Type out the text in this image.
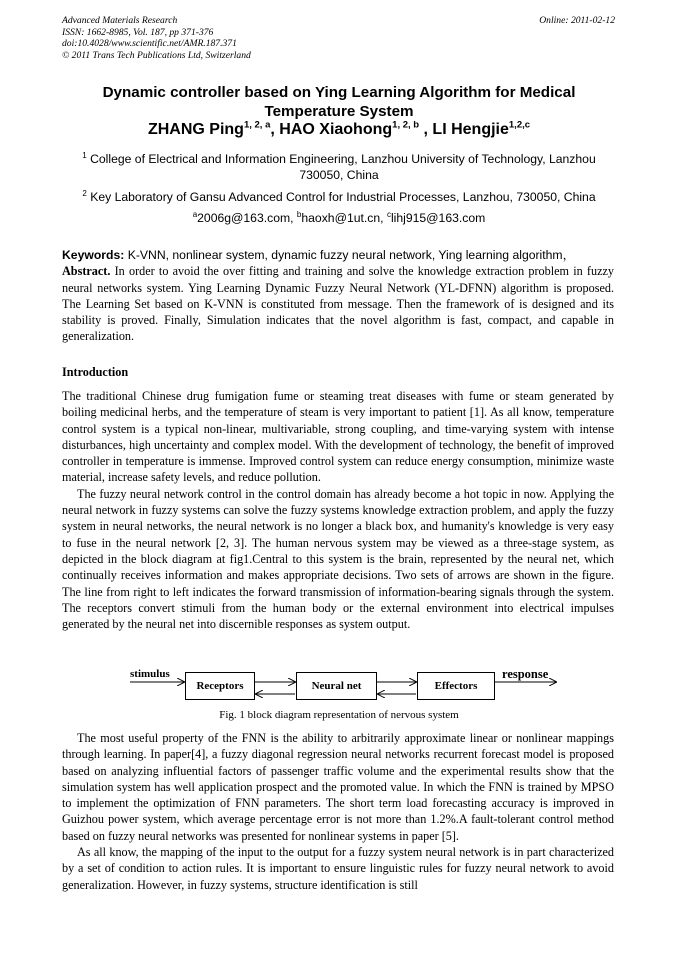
Advanced Materials Research
ISSN: 1662-8985, Vol. 187, pp 371-376
doi:10.4028/www.scientific.net/AMR.187.371
© 2011 Trans Tech Publications Ltd, Switzerland
Online: 2011-02-12
Dynamic controller based on Ying Learning Algorithm for Medical
Temperature System
ZHANG Ping$^{1, 2, a}$, HAO Xiaohong$^{1, 2, b}$ , LI Hengjie$^{1,2,c}$
$^1$ College of Electrical and Information Engineering, Lanzhou University of Technology, Lanzhou 730050, China
$^2$ Key Laboratory of Gansu Advanced Control for Industrial Processes, Lanzhou, 730050, China
$^a$2006g@163.com, $^b$haoxh@1ut.cn, $^c$lihj915@163.com

Keywords: K-VNN, nonlinear system, dynamic fuzzy neural network, Ying learning algorithm，

Abstract. In order to avoid the over fitting and training and solve the knowledge extraction problem in fuzzy neural networks system. Ying Learning Dynamic Fuzzy Neural Network (YL-DFNN) algorithm is proposed. The Learning Set based on K-VNN is constituted from message. Then the framework of is designed and its stability is proved. Finally, Simulation indicates that the novel algorithm is fast, compact, and capable in generalization.

Introduction

The traditional Chinese drug fumigation fume or steaming treat diseases with fume or steam generated by boiling medicinal herbs, and the temperature of steam is very important to patient [1]. As all know, temperature control system is a typical non-linear, multivariable, strong coupling, and time-varying system with intense disturbances, high uncertainty and complex model. With the development of technology, the benefit of improved controller in temperature is immense. Improved control system can reduce energy consumption, minimize waste material, increase safety levels, and reduce pollution.

The fuzzy neural network control in the control domain has already become a hot topic in now. Applying the neural network in fuzzy systems can solve the fuzzy systems knowledge extraction problem, and apply the fuzzy system in neural networks, the neural network is no longer a black box, and humanity's knowledge is very easy to fuse in the neural network [2, 3]. The human nervous system may be viewed as a three-stage system, as depicted in the block diagram at fig1.Central to this system is the brain, represented by the neural net, which continually receives information and makes appropriate decisions. Two sets of arrows are shown in the figure. The line from right to left indicates the forward transmission of information-bearing signals through the system. The receptors convert stimuli from the human body or the external environment into electrical impulses generated by the neural net into discernible responses as system output.

stimulus
Receptors	Neural net	Effectors
response
Fig. 1 block diagram representation of nervous system

The most useful property of the FNN is the ability to arbitrarily approximate linear or nonlinear mappings through learning. In paper[4], a fuzzy diagonal regression neural networks recurrent forecast model is proposed based on analyzing influential factors of passenger traffic volume and the experimental results show that the simulation system has well application prospect and the promoted value. In which the FNN is trained by MPSO to implement the optimization of FNN parameters. The short term load forecasting accuracy is improved in Guizhou power system, which average percentage error is not more than 1.2%.A fault-tolerant control method based on fuzzy neural networks was presented for nonlinear systems in paper [5].

As all know, the mapping of the input to the output for a fuzzy system neural network is in part characterized by a set of condition to action rules. It is important to ensure linguistic rules for fuzzy neural network to avoid generalization. However, in fuzzy systems, structure identification is still
